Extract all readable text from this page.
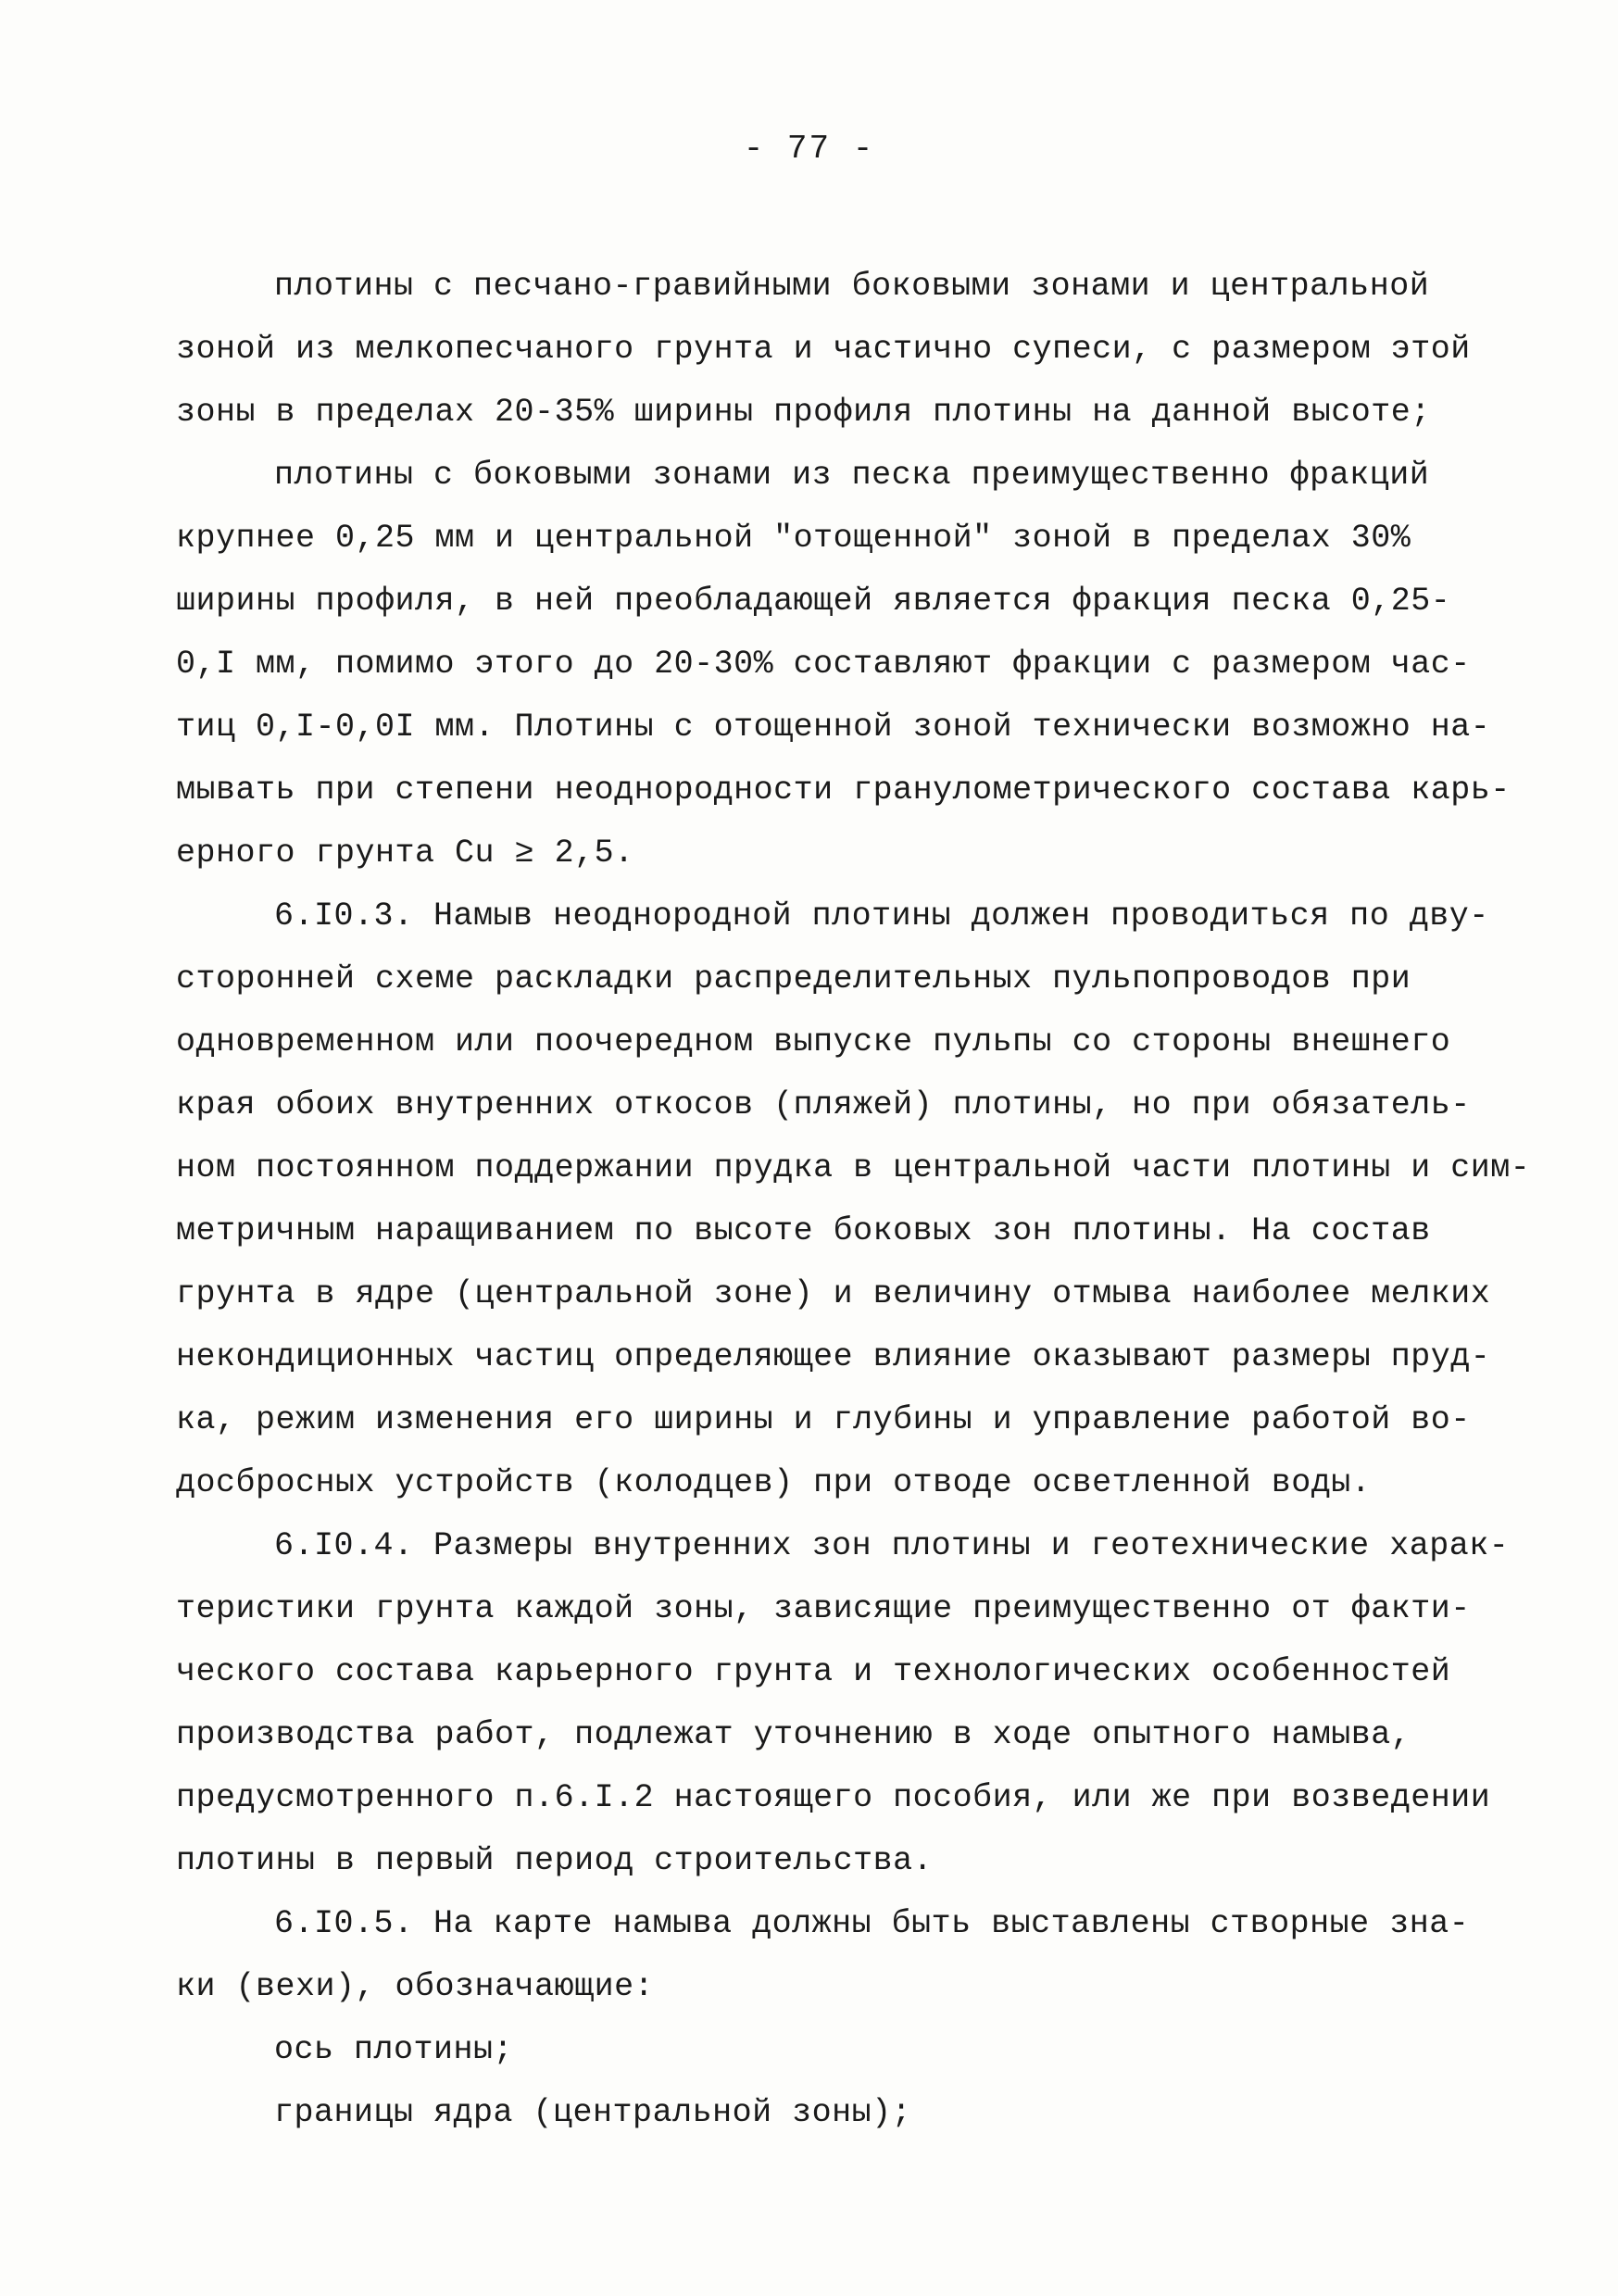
- 77 -
плотины с песчано-гравийными боковыми зонами и центральной
зоной из мелкопесчаного грунта и частично супеси, с размером этой
зоны в пределах 20-35% ширины профиля плотины на данной высоте;
плотины с боковыми зонами из песка преимущественно фракций
крупнее 0,25 мм и центральной "отощенной" зоной в пределах 30%
ширины профиля, в ней преобладающей является фракция песка 0,25-
0,I мм, помимо этого до 20-30% составляют фракции с размером час-
тиц 0,I-0,0I мм. Плотины с отощенной зоной технически возможно на-
мывать при степени неоднородности гранулометрического состава карь-
ерного грунта Cu ≥ 2,5.
6.I0.3. Намыв неоднородной плотины должен проводиться по дву-
сторонней схеме раскладки распределительных пульпопроводов при
одновременном или поочередном выпуске пульпы со стороны внешнего
края обоих внутренних откосов (пляжей) плотины, но при обязатель-
ном постоянном поддержании прудка в центральной части плотины и сим-
метричным наращиванием по высоте боковых зон плотины. На состав
грунта в ядре (центральной зоне) и величину отмыва наиболее мелких
некондиционных частиц определяющее влияние оказывают размеры пруд-
ка, режим изменения его ширины и глубины и управление работой во-
досбросных устройств (колодцев) при отводе осветленной воды.
6.I0.4. Размеры внутренних зон плотины и геотехнические харак-
теристики грунта каждой зоны, зависящие преимущественно от факти-
ческого состава карьерного грунта и технологических особенностей
производства работ, подлежат уточнению в ходе опытного намыва,
предусмотренного п.6.I.2 настоящего пособия, или же при возведении
плотины в первый период строительства.
6.I0.5. На карте намыва должны быть выставлены створные зна-
ки (вехи), обозначающие:
ось плотины;
границы ядра (центральной зоны);
